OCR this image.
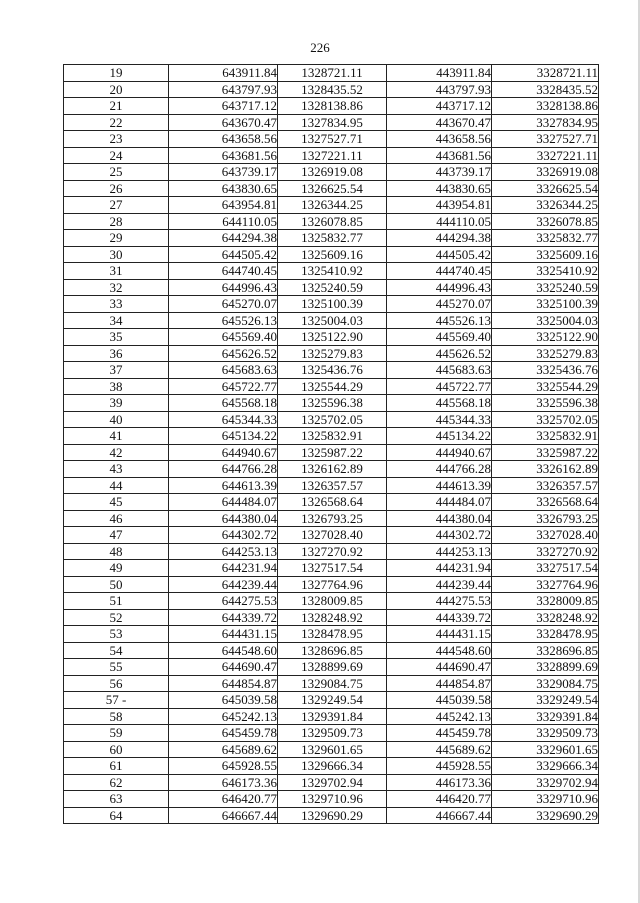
226
19	643911.84	1328721.11	443911.84	3328721.11
20	643797.93	1328435.52	443797.93	3328435.52
21	643717.12	1328138.86	443717.12	3328138.86
22	643670.47	1327834.95	443670.47	3327834.95
23	643658.56	1327527.71	443658.56	3327527.71
24	643681.56	1327221.11	443681.56	3327221.11
25	643739.17	1326919.08	443739.17	3326919.08
26	643830.65	1326625.54	443830.65	3326625.54
27	643954.81	1326344.25	443954.81	3326344.25
28	644110.05	1326078.85	444110.05	3326078.85
29	644294.38	1325832.77	444294.38	3325832.77
30	644505.42	1325609.16	444505.42	3325609.16
31	644740.45	1325410.92	444740.45	3325410.92
32	644996.43	1325240.59	444996.43	3325240.59
33	645270.07	1325100.39	445270.07	3325100.39
34	645526.13	1325004.03	445526.13	3325004.03
35	645569.40	1325122.90	445569.40	3325122.90
36	645626.52	1325279.83	445626.52	3325279.83
37	645683.63	1325436.76	445683.63	3325436.76
38	645722.77	1325544.29	445722.77	3325544.29
39	645568.18	1325596.38	445568.18	3325596.38
40	645344.33	1325702.05	445344.33	3325702.05
41	645134.22	1325832.91	445134.22	3325832.91
42	644940.67	1325987.22	444940.67	3325987.22
43	644766.28	1326162.89	444766.28	3326162.89
44	644613.39	1326357.57	444613.39	3326357.57
45	644484.07	1326568.64	444484.07	3326568.64
46	644380.04	1326793.25	444380.04	3326793.25
47	644302.72	1327028.40	444302.72	3327028.40
48	644253.13	1327270.92	444253.13	3327270.92
49	644231.94	1327517.54	444231.94	3327517.54
50	644239.44	1327764.96	444239.44	3327764.96
51	644275.53	1328009.85	444275.53	3328009.85
52	644339.72	1328248.92	444339.72	3328248.92
53	644431.15	1328478.95	444431.15	3328478.95
54	644548.60	1328696.85	444548.60	3328696.85
55	644690.47	1328899.69	444690.47	3328899.69
56	644854.87	1329084.75	444854.87	3329084.75
57 -	645039.58	1329249.54	445039.58	3329249.54
58	645242.13	1329391.84	445242.13	3329391.84
59	645459.78	1329509.73	445459.78	3329509.73
60	645689.62	1329601.65	445689.62	3329601.65
61	645928.55	1329666.34	445928.55	3329666.34
62	646173.36	1329702.94	446173.36	3329702.94
63	646420.77	1329710.96	446420.77	3329710.96
64	646667.44	1329690.29	446667.44	3329690.29
